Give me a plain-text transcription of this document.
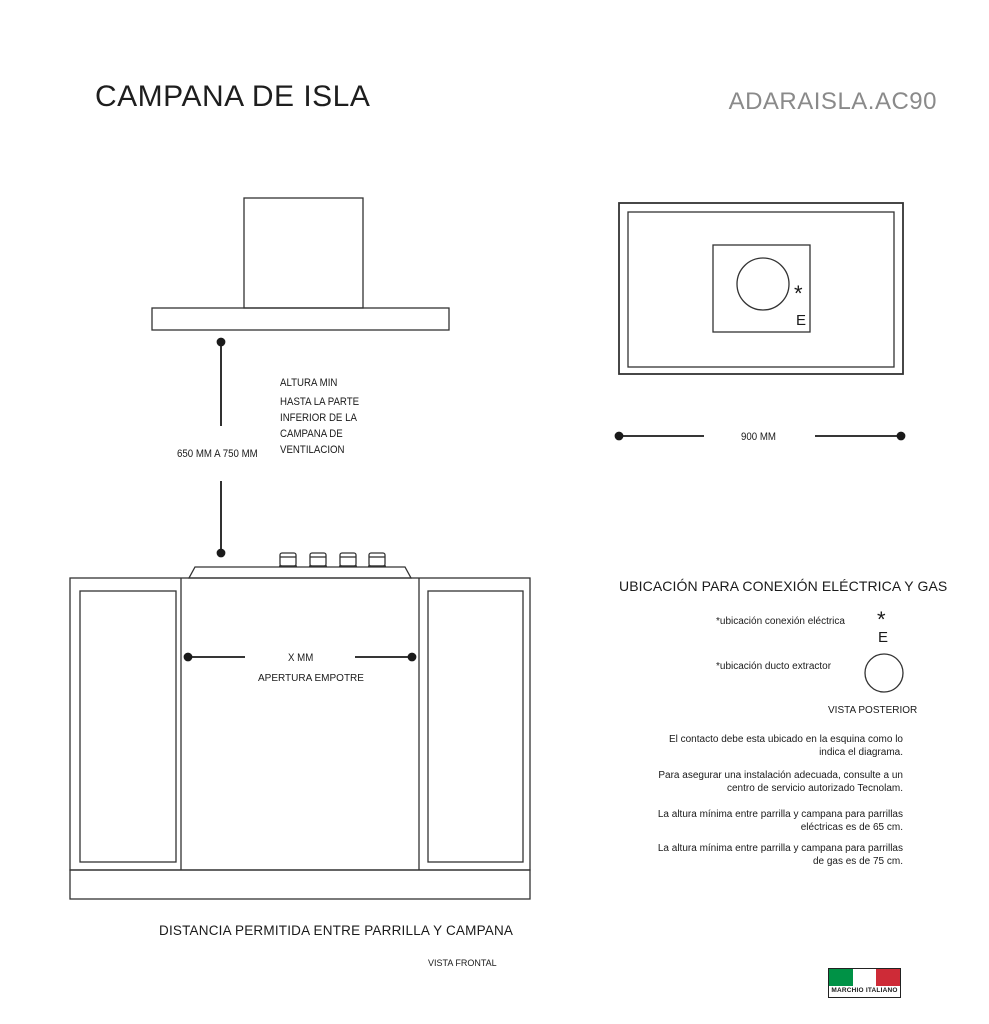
CAMPANA DE ISLA	ADARAISLA.AC90
ALTURA MIN
HASTA LA PARTE
INFERIOR DE LA
CAMPANA DE
VENTILACION
650 MM A 750 MM
X MM
APERTURA EMPOTRE
DISTANCIA PERMITIDA ENTRE PARRILLA Y CAMPANA
VISTA FRONTAL
*
E
900 MM
UBICACIÓN PARA CONEXIÓN ELÉCTRICA Y GAS
*ubicación conexión eléctrica *
E
*ubicación ducto extractor
VISTA POSTERIOR
El contacto debe esta ubicado en la esquina como lo
indica el diagrama.
Para asegurar una instalación adecuada, consulte a un
centro de servicio autorizado Tecnolam.
La altura mínima entre parrilla y campana para parrillas
eléctricas es de 65 cm.
La altura mínima entre parrilla y campana para parrillas
de gas es de 75 cm.
MARCHIO ITALIANO
